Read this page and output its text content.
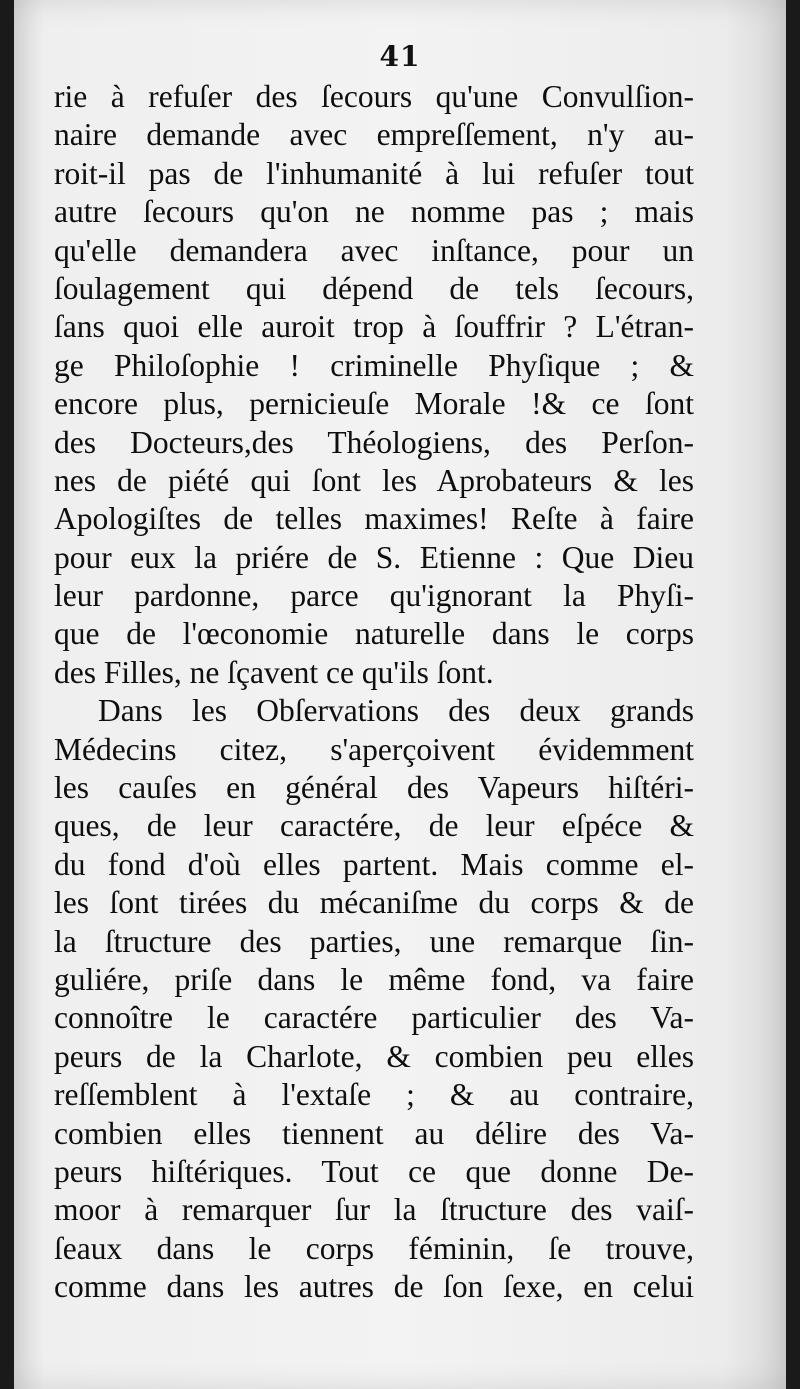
41
rie à refuſer des ſecours qu'une Convulſion-
naire demande avec empreſſement, n'y au-
roit-il pas de l'inhumanité à lui refuſer tout
autre ſecours qu'on ne nomme pas ; mais
qu'elle demandera avec inſtance, pour un
ſoulagement qui dépend de tels ſecours,
ſans quoi elle auroit trop à ſouffrir ? L'étran-
ge Philoſophie ! criminelle Phyſique ; &
encore plus, pernicieuſe Morale !& ce ſont
des Docteurs,des Théologiens, des Perſon-
nes de piété qui ſont les Aprobateurs & les
Apologiſtes de telles maximes! Reſte à faire
pour eux la priére de S. Etienne : Que Dieu
leur pardonne, parce qu'ignorant la Phyſi-
que de l'œconomie naturelle dans le corps
des Filles, ne ſçavent ce qu'ils ſont.
Dans les Obſervations des deux grands
Médecins citez, s'aperçoivent évidemment
les cauſes en général des Vapeurs hiſtéri-
ques, de leur caractére, de leur eſpéce &
du fond d'où elles partent. Mais comme el-
les ſont tirées du mécaniſme du corps & de
la ſtructure des parties, une remarque ſin-
guliére, priſe dans le même fond, va faire
connoître le caractére particulier des Va-
peurs de la Charlote, & combien peu elles
reſſemblent à l'extaſe ; & au contraire,
combien elles tiennent au délire des Va-
peurs hiſtériques. Tout ce que donne De-
moor à remarquer ſur la ſtructure des vaiſ-
ſeaux dans le corps féminin, ſe trouve,
comme dans les autres de ſon ſexe, en celui
